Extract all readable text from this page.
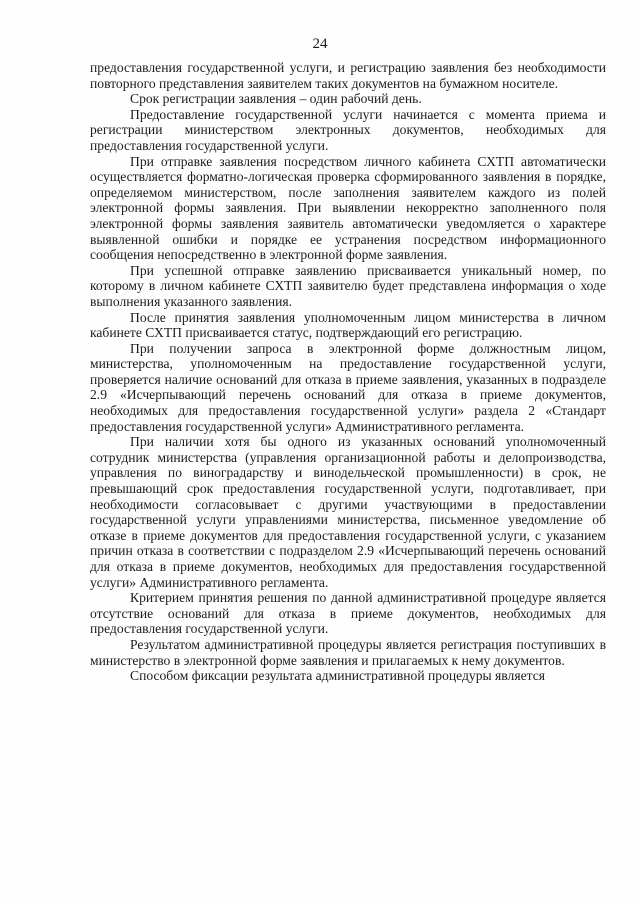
24

предоставления государственной услуги, и регистрацию заявления без необходимости повторного представления заявителем таких документов на бумажном носителе.

Срок регистрации заявления – один рабочий день.

Предоставление государственной услуги начинается с момента приема и регистрации министерством электронных документов, необходимых для предоставления государственной услуги.

При отправке заявления посредством личного кабинета СХТП автоматически осуществляется форматно-логическая проверка сформированного заявления в порядке, определяемом министерством, после заполнения заявителем каждого из полей электронной формы заявления. При выявлении некорректно заполненного поля электронной формы заявления заявитель автоматически уведомляется о характере выявленной ошибки и порядке ее устранения посредством информационного сообщения непосредственно в электронной форме заявления.

При успешной отправке заявлению присваивается уникальный номер, по которому в личном кабинете СХТП заявителю будет представлена информация о ходе выполнения указанного заявления.

После принятия заявления уполномоченным лицом министерства в личном кабинете СХТП присваивается статус, подтверждающий его регистрацию.

При получении запроса в электронной форме должностным лицом, министерства, уполномоченным на предоставление государственной услуги, проверяется наличие оснований для отказа в приеме заявления, указанных в подразделе 2.9 «Исчерпывающий перечень оснований для отказа в приеме документов, необходимых для предоставления государственной услуги» раздела 2 «Стандарт предоставления государственной услуги» Административного регламента.

При наличии хотя бы одного из указанных оснований уполномоченный сотрудник министерства (управления организационной работы и делопроизводства, управления по виноградарству и винодельческой промышленности) в срок, не превышающий срок предоставления государственной услуги, подготавливает, при необходимости согласовывает с другими участвующими в предоставлении государственной услуги управлениями министерства, письменное уведомление об отказе в приеме документов для предоставления государственной услуги, с указанием причин отказа в соответствии с подразделом 2.9 «Исчерпывающий перечень оснований для отказа в приеме документов, необходимых для предоставления государственной услуги» Административного регламента.

Критерием принятия решения по данной административной процедуре является отсутствие оснований для отказа в приеме документов, необходимых для предоставления государственной услуги.

Результатом административной процедуры является регистрация поступивших в министерство в электронной форме заявления и прилагаемых к нему документов.

Способом фиксации результата административной процедуры является
